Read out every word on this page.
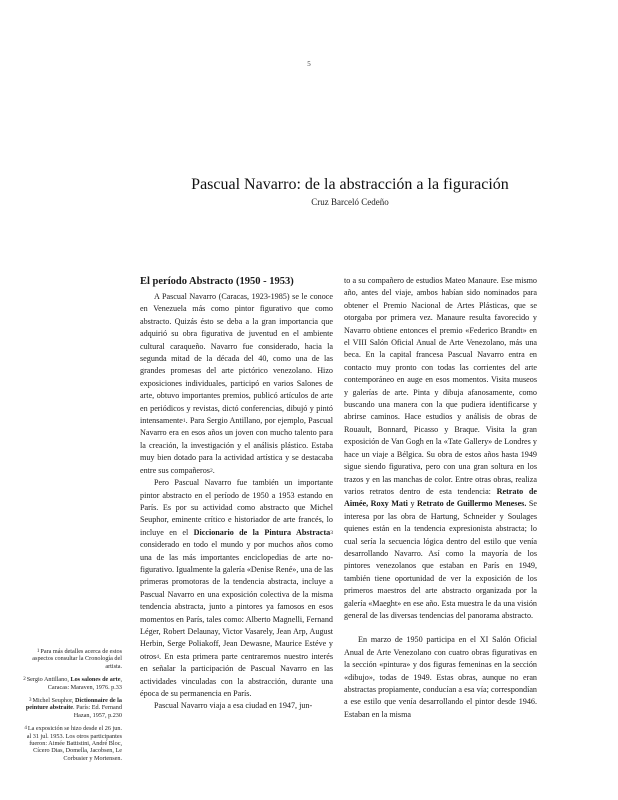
5
Pascual Navarro: de la abstracción a la figuración
Cruz Barceló Cedeño

$^1$Para más detalles acerca de estos aspectos consultar la Cronología del artista.

$^2$Sergio Antillano, Los salones de arte, Caracas: Maraven, 1976. p.33

$^3$Michel Seuphor, Dictionnaire de la peinture abstraite. París: Ed. Fernand Hazan, 1957, p.230

$^4$La exposición se hizo desde el 26 jun. al 31 jul. 1953. Los otros participantes fueron: Aimée Battistini, André Bloc, Cícero Dias, Domella, Jacobsen, Le Corbusier y Mortensen.

El período Abstracto (1950 - 1953)

A Pascual Navarro (Caracas, 1923-1985) se le conoce en Venezuela más como pintor figurativo que como abstracto. Quizás ésto se deba a la gran importancia que adquirió su obra figurativa de juventud en el ambiente cultural caraqueño. Navarro fue considerado, hacia la segunda mitad de la década del 40, como una de las grandes promesas del arte pictórico venezolano. Hizo exposiciones individuales, participó en varios Salones de arte, obtuvo importantes premios, publicó artículos de arte en periódicos y revistas, dictó conferencias, dibujó y pintó intensamente$^1$. Para Sergio Antillano, por ejemplo, Pascual Navarro era en esos años un joven con mucho talento para la creación, la investigación y el análisis plástico. Estaba muy bien dotado para la actividad artística y se destacaba entre sus compañeros$^2$.

Pero Pascual Navarro fue también un importante pintor abstracto en el período de 1950 a 1953 estando en París. Es por su actividad como abstracto que Michel Seuphor, eminente crítico e historiador de arte francés, lo incluye en el Diccionario de la Pintura Abstracta$^3$ considerado en todo el mundo y por muchos años como una de las más importantes enciclopedias de arte no-figurativo. Igualmente la galería «Denise René», una de las primeras promotoras de la tendencia abstracta, incluye a Pascual Navarro en una exposición colectiva de la misma tendencia abstracta, junto a pintores ya famosos en esos momentos en París, tales como: Alberto Magnelli, Fernand Léger, Robert Delaunay, Victor Vasarely, Jean Arp, August Herbin, Serge Poliakoff, Jean Dewasne, Maurice Estéve y otros$^4$. En esta primera parte centraremos nuestro interés en señalar la participación de Pascual Navarro en las actividades vinculadas con la abstracción, durante una época de su permanencia en París.

Pascual Navarro viaja a esa ciudad en 1947, jun-

to a su compañero de estudios Mateo Manaure. Ese mismo año, antes del viaje, ambos habían sido nominados para obtener el Premio Nacional de Artes Plásticas, que se otorgaba por primera vez. Manaure resulta favorecido y Navarro obtiene entonces el premio «Federico Brandt» en el VIII Salón Oficial Anual de Arte Venezolano, más una beca. En la capital francesa Pascual Navarro entra en contacto muy pronto con todas las corrientes del arte contemporáneo en auge en esos momentos. Visita museos y galerías de arte. Pinta y dibuja afanosamente, como buscando una manera con la que pudiera identificarse y abrirse caminos. Hace estudios y análisis de obras de Rouault, Bonnard, Picasso y Braque. Visita la gran exposición de Van Gogh en la «Tate Gallery» de Londres y hace un viaje a Bélgica. Su obra de estos años hasta 1949 sigue siendo figurativa, pero con una gran soltura en los trazos y en las manchas de color. Entre otras obras, realiza varios retratos dentro de esta tendencia: Retrato de Aimée, Roxy Mati y Retrato de Guillermo Meneses. Se interesa por las obra de Hartung, Schneider y Soulages quienes están en la tendencia expresionista abstracta; lo cual sería la secuencia lógica dentro del estilo que venía desarrollando Navarro. Así como la mayoría de los pintores venezolanos que estaban en París en 1949, también tiene oportunidad de ver la exposición de los primeros maestros del arte abstracto organizada por la galería «Maeght» en ese año. Esta muestra le da una visión general de las diversas tendencias del panorama abstracto.

En marzo de 1950 participa en el XI Salón Oficial Anual de Arte Venezolano con cuatro obras figurativas en la sección «pintura» y dos figuras femeninas en la sección «dibujo», todas de 1949. Estas obras, aunque no eran abstractas propiamente, conducían a esa vía; correspondían a ese estilo que venía desarrollando el pintor desde 1946. Estaban en la misma
